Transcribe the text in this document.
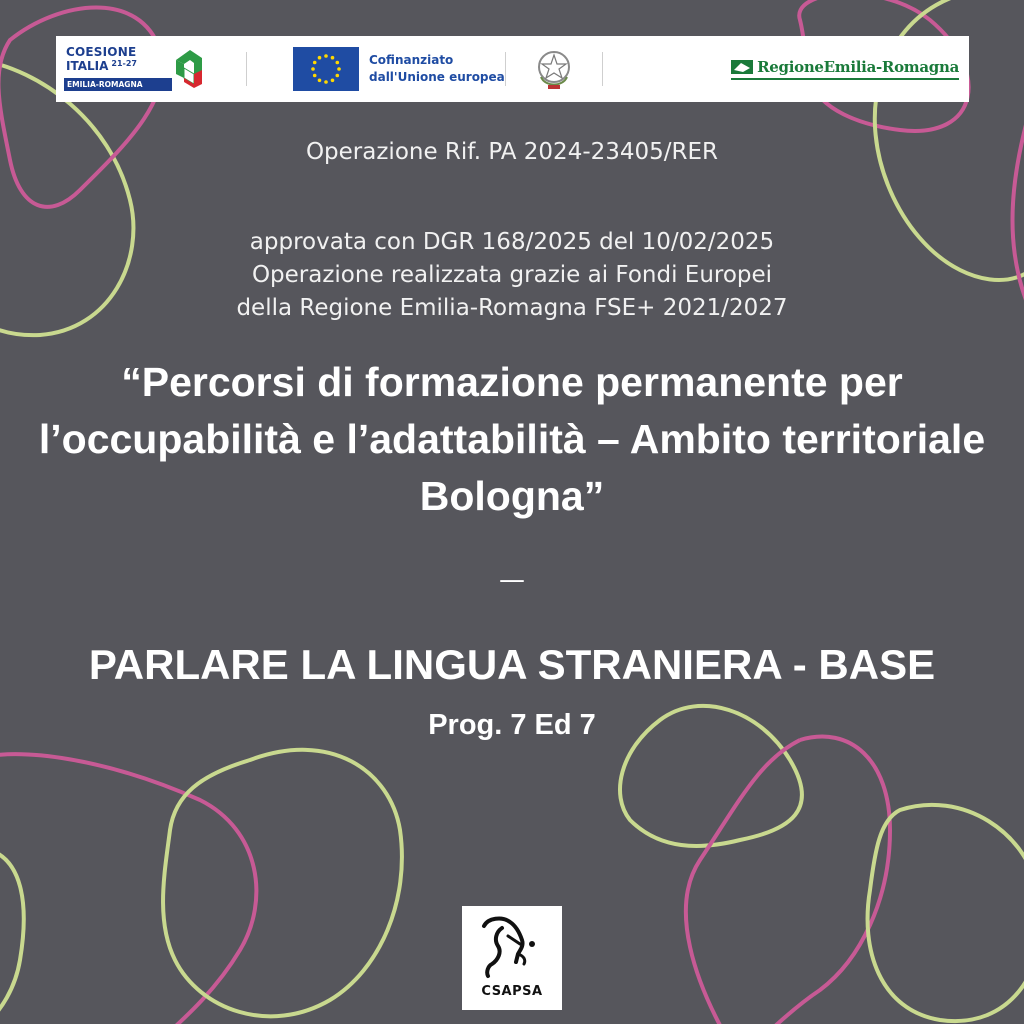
COESIONE
ITALIA $^{21-27}$
EMILIA-ROMAGNA
Cofinanziato
dall'Unione europea
RegioneEmilia-Romagna

Operazione Rif. PA 2024-23405/RER

approvata con DGR 168/2025 del 10/02/2025
Operazione realizzata grazie ai Fondi Europei
della Regione Emilia-Romagna FSE+ 2021/2027
“Percorsi di formazione permanente per l’occupabilità e l’adattabilità – Ambito territoriale Bologna”

—

PARLARE LA LINGUA STRANIERA - BASE

Prog. 7 Ed 7

CSAPSA
